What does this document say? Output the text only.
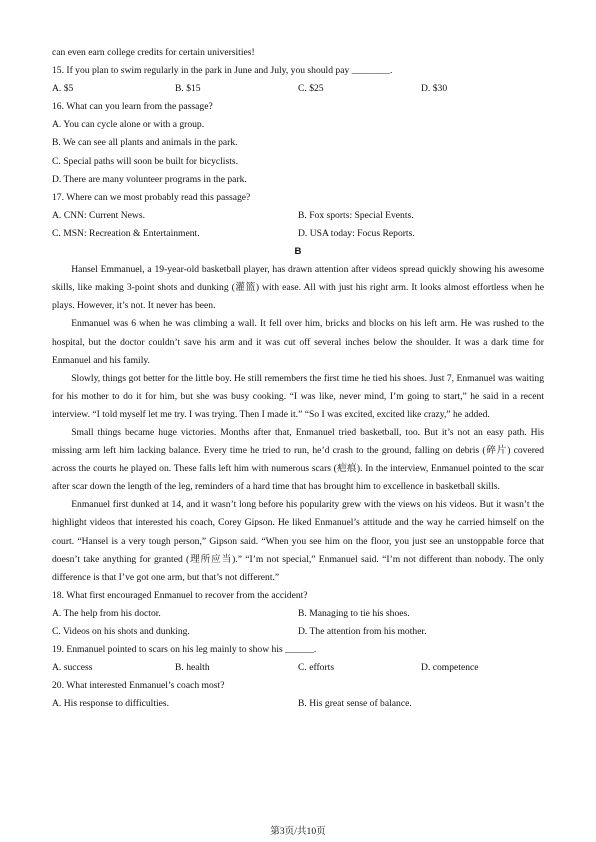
can even earn college credits for certain universities!
15. If you plan to swim regularly in the park in June and July, you should pay ________.
A. $5	B. $15	C. $25	D. $30
16. What can you learn from the passage?
A. You can cycle alone or with a group.
B. We can see all plants and animals in the park.
C. Special paths will soon be built for bicyclists.
D. There are many volunteer programs in the park.
17. Where can we most probably read this passage?
A. CNN: Current News.	B. Fox sports: Special Events.
C. MSN: Recreation & Entertainment.	D. USA today: Focus Reports.
B
Hansel Emmanuel, a 19-year-old basketball player, has drawn attention after videos spread quickly showing his awesome skills, like making 3-point shots and dunking (灌篮) with ease. All with just his right arm. It looks almost effortless when he plays. However, it’s not. It never has been.
Enmanuel was 6 when he was climbing a wall. It fell over him, bricks and blocks on his left arm. He was rushed to the hospital, but the doctor couldn’t save his arm and it was cut off several inches below the shoulder. It was a dark time for Enmanuel and his family.
Slowly, things got better for the little boy. He still remembers the first time he tied his shoes. Just 7, Enmanuel was waiting for his mother to do it for him, but she was busy cooking. “I was like, never mind, I’m going to start,” he said in a recent interview. “I told myself let me try. I was trying. Then I made it.” “So I was excited, excited like crazy,” he added.
Small things became huge victories. Months after that, Enmanuel tried basketball, too. But it’s not an easy path. His missing arm left him lacking balance. Every time he tried to run, he’d crash to the ground, falling on debris (碎片) covered across the courts he played on. These falls left him with numerous scars (疤痕). In the interview, Enmanuel pointed to the scar after scar down the length of the leg, reminders of a hard time that has brought him to excellence in basketball skills.
Enmanuel first dunked at 14, and it wasn’t long before his popularity grew with the views on his videos. But it wasn’t the highlight videos that interested his coach, Corey Gipson. He liked Enmanuel’s attitude and the way he carried himself on the court. “Hansel is a very tough person,” Gipson said. “When you see him on the floor, you just see an unstoppable force that doesn’t take anything for granted (理所应当).” “I’m not special,” Enmanuel said. “I’m not different than nobody. The only difference is that I’ve got one arm, but that’s not different.”
18. What first encouraged Enmanuel to recover from the accident?
A. The help from his doctor.	B. Managing to tie his shoes.
C. Videos on his shots and dunking.	D. The attention from his mother.
19. Enmanuel pointed to scars on his leg mainly to show his ______.
A. success	B. health	C. efforts	D. competence
20. What interested Enmanuel’s coach most?
A. His response to difficulties.	B. His great sense of balance.
第3页/共10页
